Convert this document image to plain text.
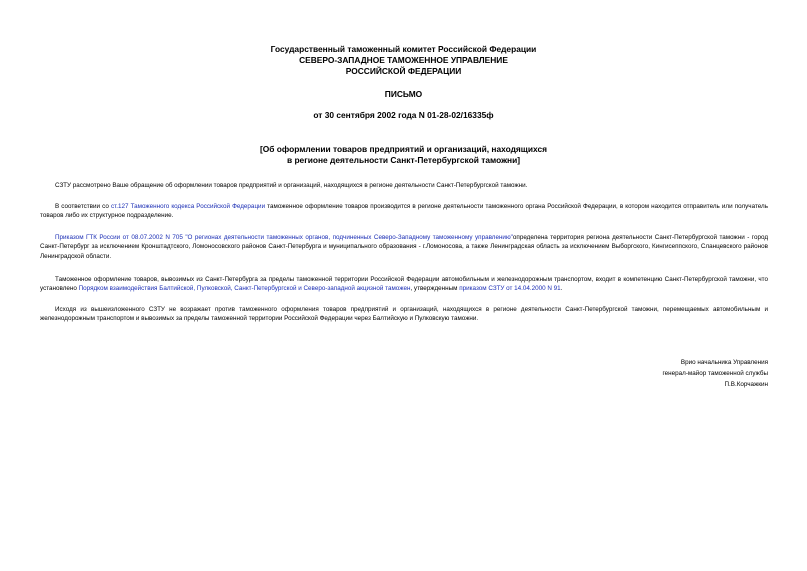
Государственный таможенный комитет Российской Федерации
СЕВЕРО-ЗАПАДНОЕ ТАМОЖЕННОЕ УПРАВЛЕНИЕ
РОССИЙСКОЙ ФЕДЕРАЦИИ
ПИСЬМО
от 30 сентября 2002 года N 01-28-02/16335ф
[Об оформлении товаров предприятий и организаций, находящихся
в регионе деятельности Санкт-Петербургской таможни]

СЗТУ рассмотрено Ваше обращение об оформлении товаров предприятий и организаций, находящихся в регионе деятельности Санкт-Петербургской таможни.

В соответствии со ст.127 Таможенного кодекса Российской Федерации таможенное оформление товаров производится в регионе деятельности таможенного органа Российской Федерации, в котором находится отправитель или получатель товаров либо их структурное подразделение.

Приказом ГТК России от 08.07.2002 N 705 "О регионах деятельности таможенных органов, подчиненных Северо-Западному таможенному управлению"определена территория региона деятельности Санкт-Петербургской таможни - город Санкт-Петербург за исключением Кронштадтского, Ломоносовского районов Санкт-Петербурга и муниципального образования - г.Ломоносова, а также Ленинградская область за исключением Выборгского, Кингисеппского, Сланцевского районов Ленинградской области.

Таможенное оформление товаров, вывозимых из Санкт-Петербурга за пределы таможенной территории Российской Федерации автомобильным и железнодорожным транспортом, входит в компетенцию Санкт-Петербургской таможни, что установлено Порядком взаимодействия Балтийской, Пулковской, Санкт-Петербургской и Северо-западной акцизной таможен, утвержденным приказом СЗТУ от 14.04.2000 N 91.

Исходя из вышеизложенного СЗТУ не возражает против таможенного оформления товаров предприятий и организаций, находящихся в регионе деятельности Санкт-Петербургской таможни, перемещаемых автомобильным и железнодорожным транспортом и вывозимых за пределы таможенной территории Российской Федерации через Балтийскую и Пулковскую таможни.

Врио начальника Управления
генерал-майор таможенной службы
П.В.Корчажкин
